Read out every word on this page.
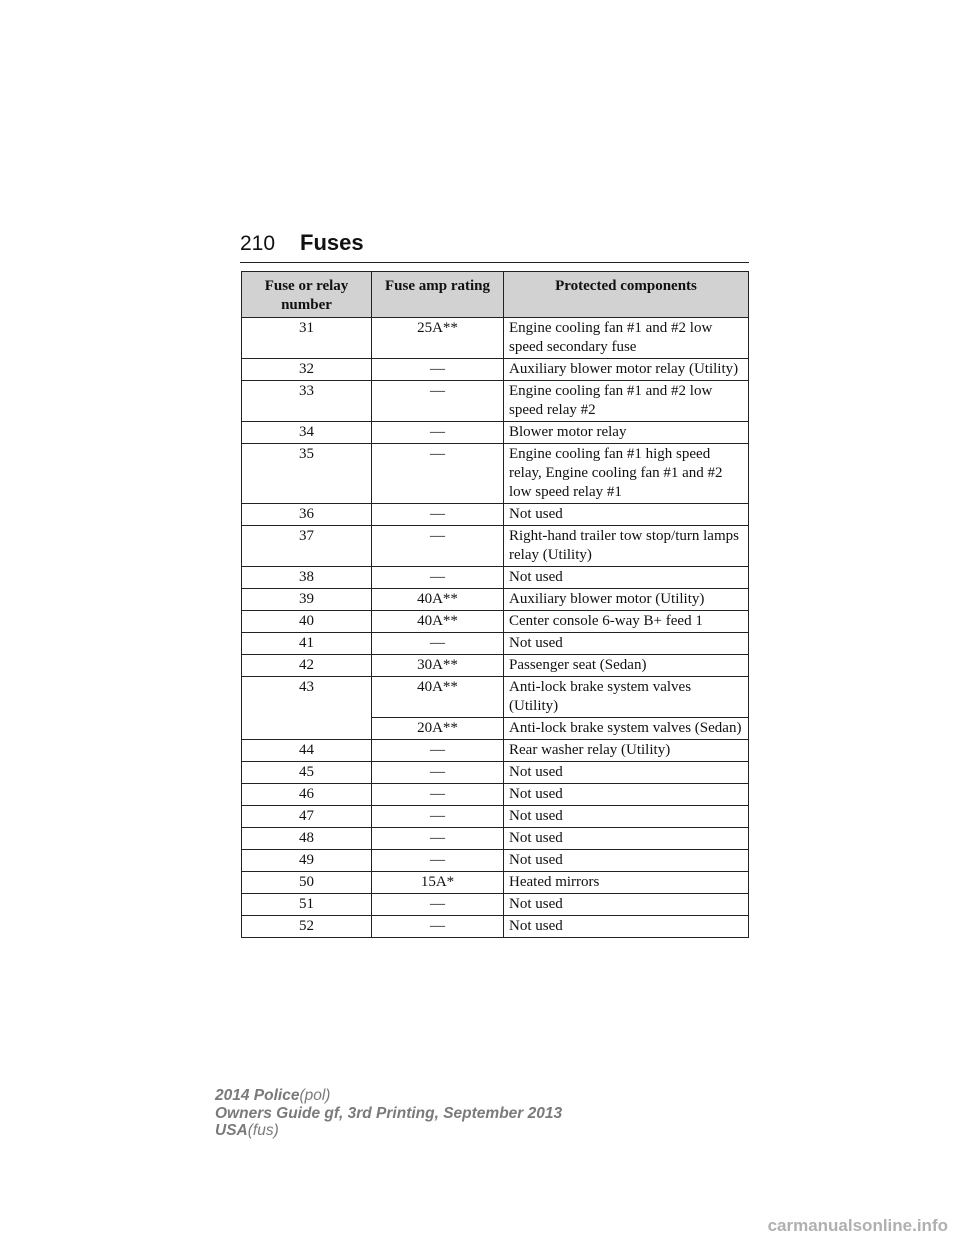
210 Fuses
Fuse or relay number	Fuse amp rating	Protected components
31	25A**	Engine cooling fan #1 and #2 low speed secondary fuse
32	—	Auxiliary blower motor relay (Utility)
33	—	Engine cooling fan #1 and #2 low speed relay #2
34	—	Blower motor relay
35	—	Engine cooling fan #1 high speed relay, Engine cooling fan #1 and #2 low speed relay #1
36	—	Not used
37	—	Right-hand trailer tow stop/turn lamps relay (Utility)
38	—	Not used
39	40A**	Auxiliary blower motor (Utility)
40	40A**	Center console 6-way B+ feed 1
41	—	Not used
42	30A**	Passenger seat (Sedan)
43	40A**	Anti-lock brake system valves (Utility)
	20A**	Anti-lock brake system valves (Sedan)
44	—	Rear washer relay (Utility)
45	—	Not used
46	—	Not used
47	—	Not used
48	—	Not used
49	—	Not used
50	15A*	Heated mirrors
51	—	Not used
52	—	Not used
2014 Police(pol)
Owners Guide gf, 3rd Printing, September 2013
USA(fus)
carmanualsonline.info
